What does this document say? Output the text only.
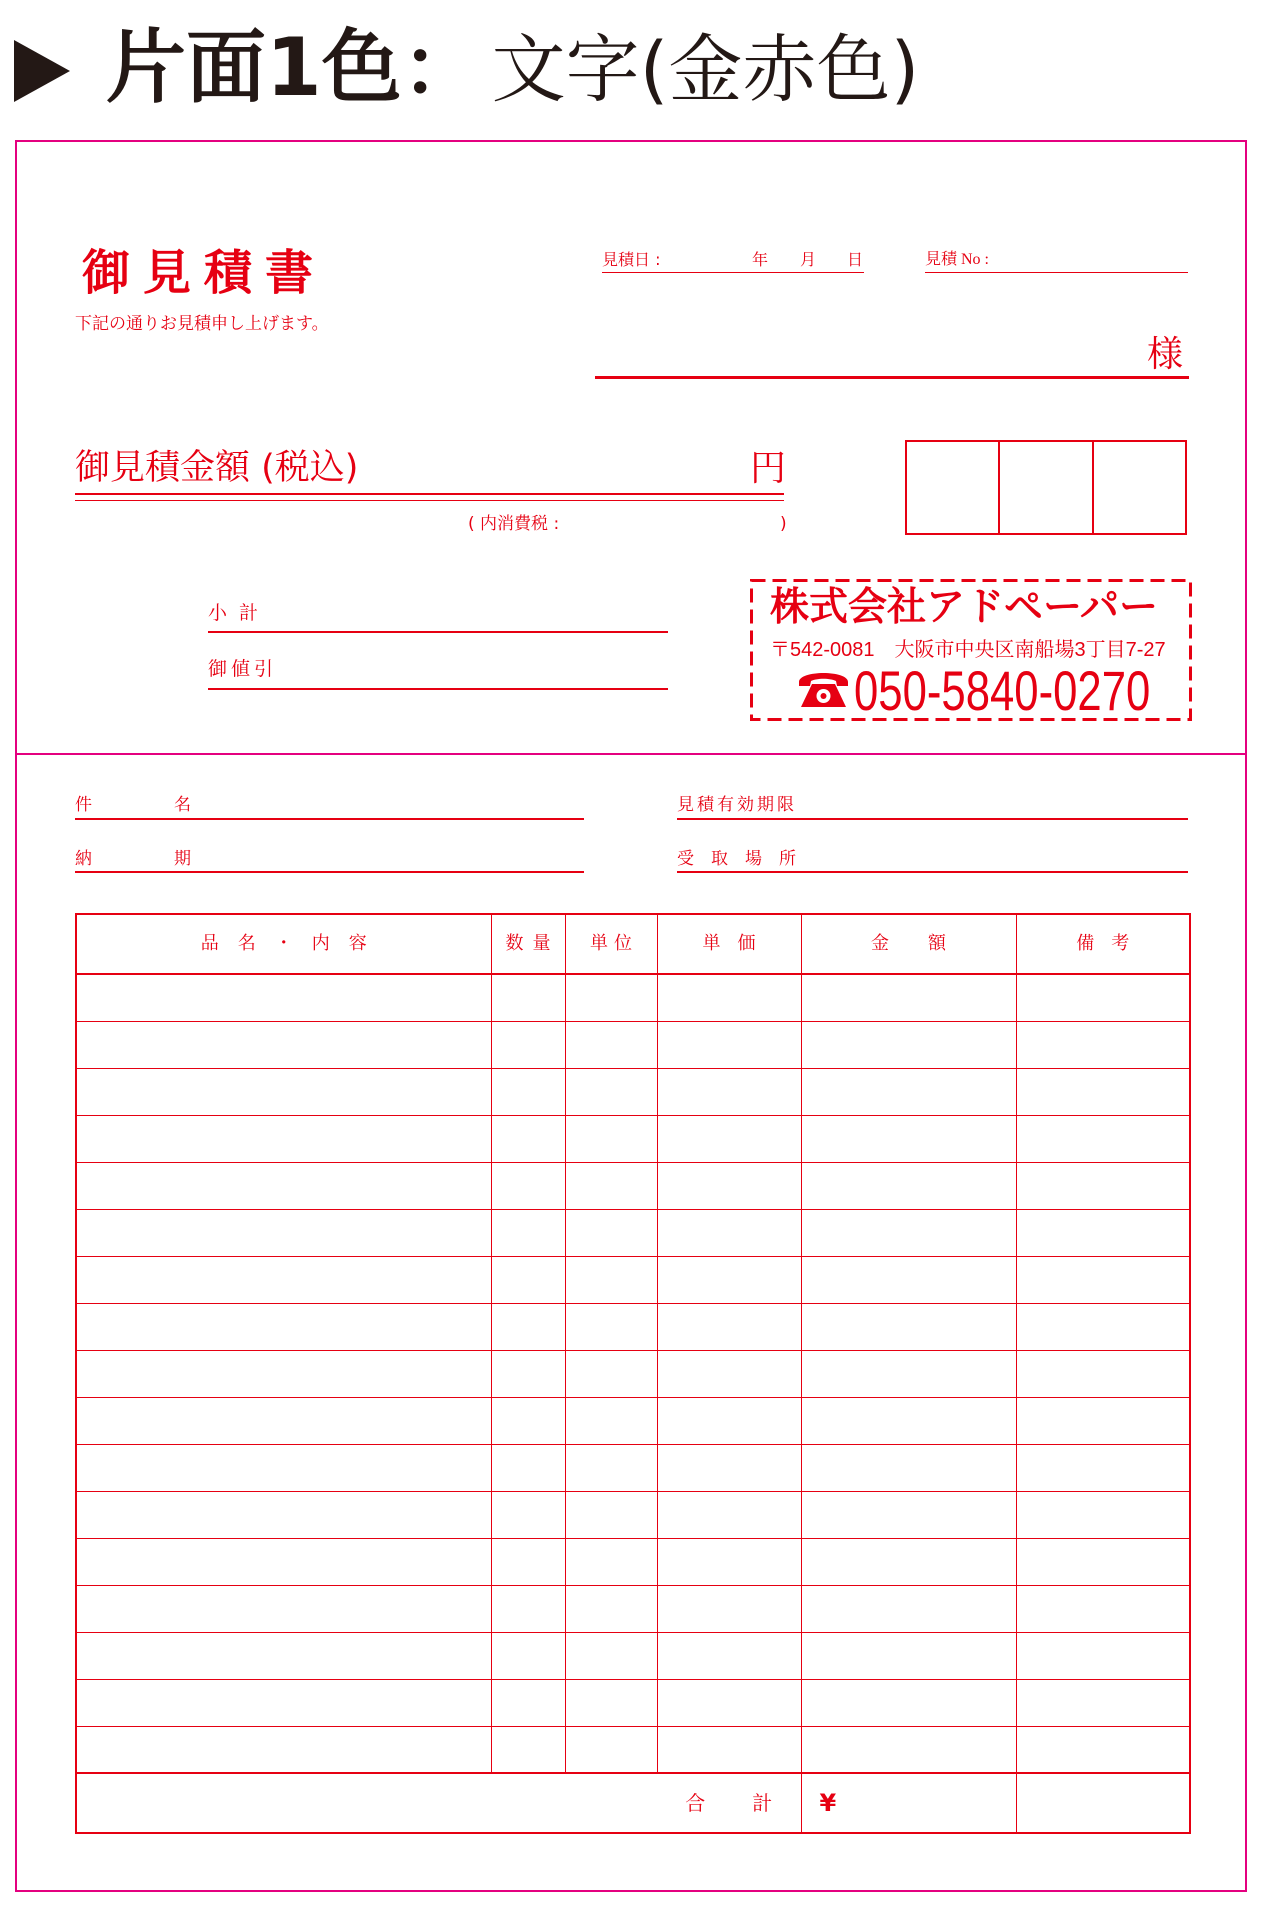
片面1色： 文字(金赤色)
御見積書
下記の通りお見積申し上げます。
見積日 :	年 月 日	見積 No :
様
御見積金額 (税込)	円
( 内消費税 :	)
小計
御値引
株式会社アドペーパー
〒542-0081　大阪市中央区南船場3丁目7-27
050-5840-0270
件名	見積有効期限
納期	受取場所
品名・内容	数量	単位	単価	金額	備考

			合計	¥	
